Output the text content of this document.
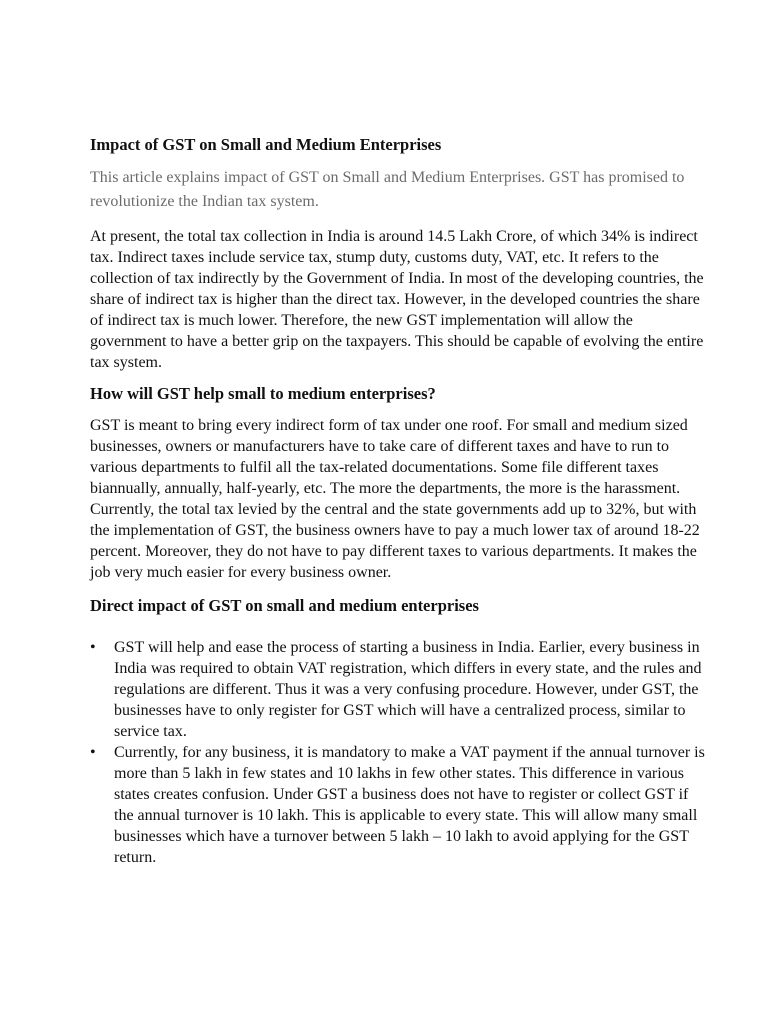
Impact of GST on Small and Medium Enterprises

This article explains impact of GST on Small and Medium Enterprises. GST has promised to revolutionize the Indian tax system.

At present, the total tax collection in India is around 14.5 Lakh Crore, of which 34% is indirect tax. Indirect taxes include service tax, stump duty, customs duty, VAT, etc. It refers to the collection of tax indirectly by the Government of India. In most of the developing countries, the share of indirect tax is higher than the direct tax. However, in the developed countries the share of indirect tax is much lower. Therefore, the new GST implementation will allow the government to have a better grip on the taxpayers. This should be capable of evolving the entire tax system.

How will GST help small to medium enterprises?

GST is meant to bring every indirect form of tax under one roof. For small and medium sized businesses, owners or manufacturers have to take care of different taxes and have to run to various departments to fulfil all the tax-related documentations. Some file different taxes biannually, annually, half-yearly, etc. The more the departments, the more is the harassment. Currently, the total tax levied by the central and the state governments add up to 32%, but with the implementation of GST, the business owners have to pay a much lower tax of around 18-22 percent. Moreover, they do not have to pay different taxes to various departments. It makes the job very much easier for every business owner.

Direct impact of GST on small and medium enterprises
• GST will help and ease the process of starting a business in India. Earlier, every business in India was required to obtain VAT registration, which differs in every state, and the rules and regulations are different. Thus it was a very confusing procedure. However, under GST, the businesses have to only register for GST which will have a centralized process, similar to service tax.
• Currently, for any business, it is mandatory to make a VAT payment if the annual turnover is more than 5 lakh in few states and 10 lakhs in few other states. This difference in various states creates confusion. Under GST a business does not have to register or collect GST if the annual turnover is 10 lakh. This is applicable to every state. This will allow many small businesses which have a turnover between 5 lakh – 10 lakh to avoid applying for the GST return.
